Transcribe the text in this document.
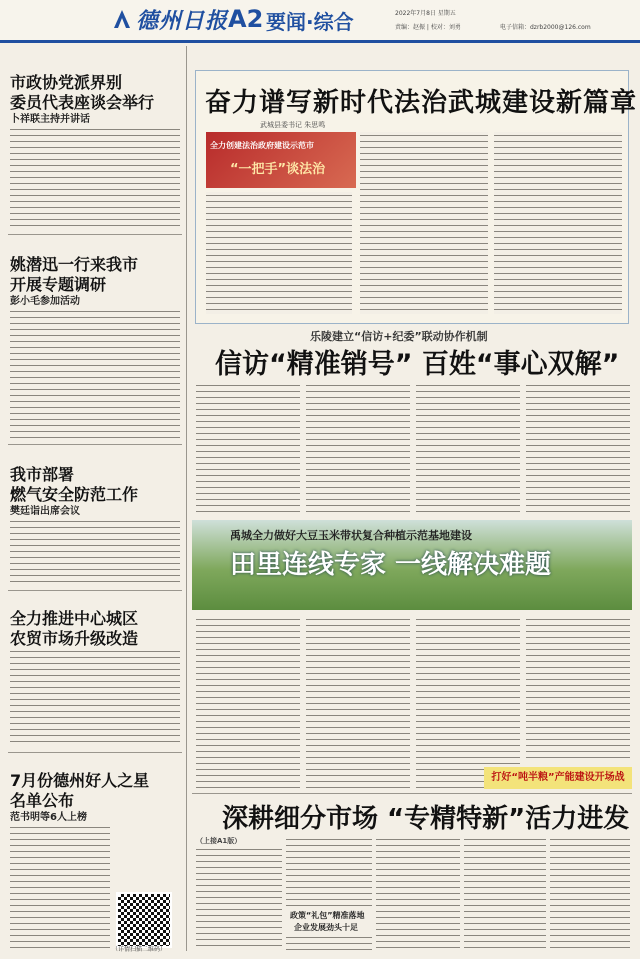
德州日报 A2 要闻·综合	2022年7月8日 星期五
责编：赵振 | 校对：刘勇	电子信箱：dzrb2000@126.com
市政协党派界别
委员代表座谈会举行
卜祥联主持并讲话
姚潜迅一行来我市
开展专题调研
彭小毛参加活动
我市部署
燃气安全防范工作
樊廷诣出席会议
全力推进中心城区
农贸市场升级改造
7月份德州好人之星
名单公布
范书明等6人上榜
（详情扫描二维码）
奋力谱写新时代法治武城建设新篇章
武城县委书记 朱思鸣
全力创建法治政府建设示范市
“一把手”谈法治
乐陵建立“信访+纪委”联动协作机制
信访“精准销号” 百姓“事心双解”
禹城全力做好大豆玉米带状复合种植示范基地建设
田里连线专家 一线解决难题
打好“吨半粮”产能建设开场战
深耕细分市场 “专精特新”活力进发
（上接A1版）
政策“礼包”精准落地
企业发展劲头十足
